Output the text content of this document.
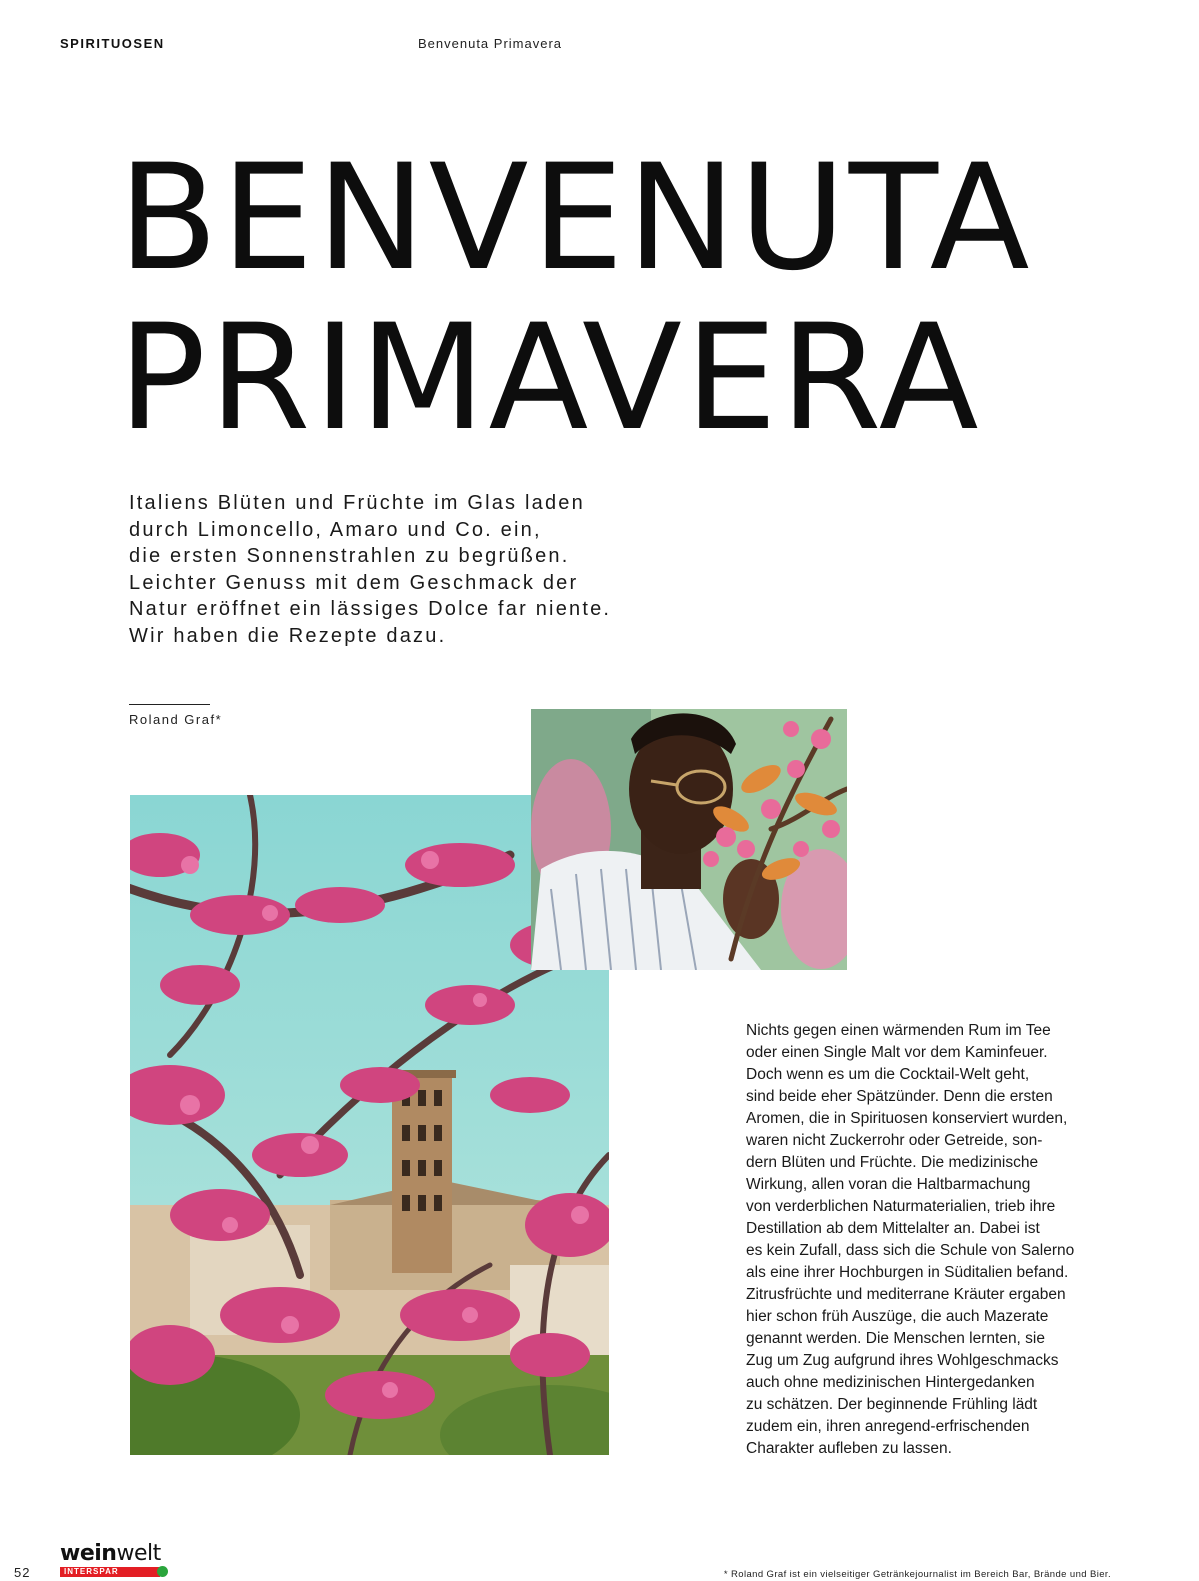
SPIRITUOSEN	Benvenuta Primavera
BENVENUTA
PRIMAVERA

Italiens Blüten und Früchte im Glas laden
durch Limoncello, Amaro und Co. ein,
die ersten Sonnenstrahlen zu begrüßen.
Leichter Genuss mit dem Geschmack der
Natur eröffnet ein lässiges Dolce far niente.
Wir haben die Rezepte dazu.

Roland Graf*

Nichts gegen einen wärmenden Rum im Tee
oder einen Single Malt vor dem Kaminfeuer.
Doch wenn es um die Cocktail-Welt geht,
sind beide eher Spätzünder. Denn die ersten
Aromen, die in Spirituosen konserviert wurden,
waren nicht Zuckerrohr oder Getreide, son-
dern Blüten und Früchte. Die medizinische
Wirkung, allen voran die Haltbarmachung
von verderblichen Naturmaterialien, trieb ihre
Destillation ab dem Mittelalter an. Dabei ist
es kein Zufall, dass sich die Schule von Salerno
als eine ihrer Hochburgen in Süditalien befand.
Zitrusfrüchte und mediterrane Kräuter ergaben
hier schon früh Auszüge, die auch Mazerate
genannt werden. Die Menschen lernten, sie
Zug um Zug aufgrund ihres Wohlgeschmacks
auch ohne medizinischen Hintergedanken
zu schätzen. Der beginnende Frühling lädt
zudem ein, ihren anregend-erfrischenden
Charakter aufleben zu lassen.

52
weinwelt
INTERSPAR	* Roland Graf ist ein vielseitiger Getränkejournalist im Bereich Bar, Brände und Bier.
